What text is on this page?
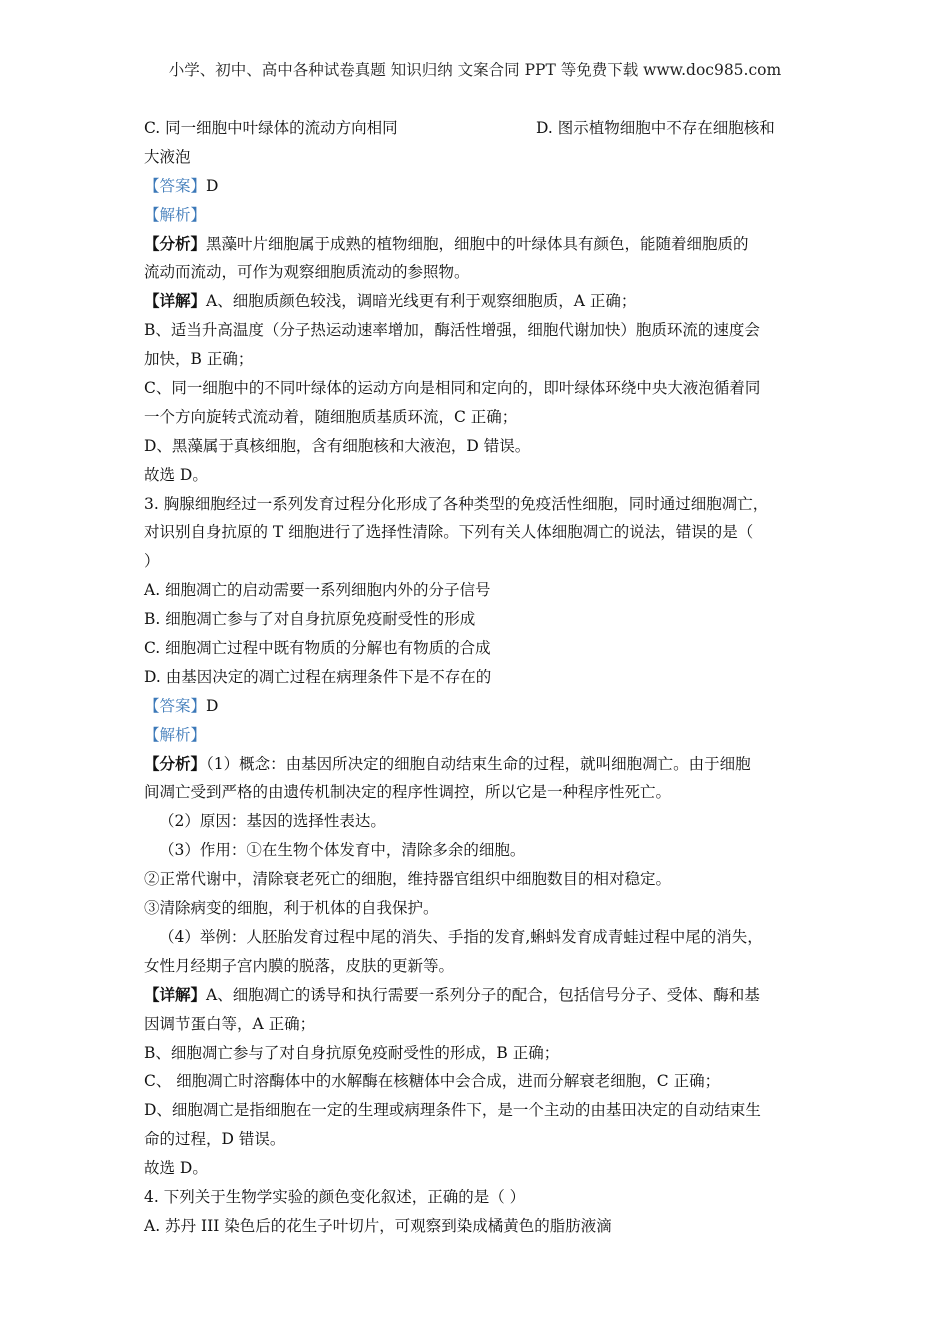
小学、初中、高中各种试卷真题 知识归纳 文案合同 PPT 等免费下载 www.doc985.com
C. 同一细胞中叶绿体的流动方向相同	D. 图示植物细胞中不存在细胞核和
大液泡
【答案】D
【解析】
【分析】黑藻叶片细胞属于成熟的植物细胞，细胞中的叶绿体具有颜色，能随着细胞质的
流动而流动，可作为观察细胞质流动的参照物。
【详解】A、细胞质颜色较浅，调暗光线更有利于观察细胞质，A 正确；
B、适当升高温度（分子热运动速率增加，酶活性增强，细胞代谢加快）胞质环流的速度会
加快，B 正确；
C、同一细胞中的不同叶绿体的运动方向是相同和定向的，即叶绿体环绕中央大液泡循着同
一个方向旋转式流动着，随细胞质基质环流，C 正确；
D、黑藻属于真核细胞，含有细胞核和大液泡，D 错误。
故选 D。
3. 胸腺细胞经过一系列发育过程分化形成了各种类型的免疫活性细胞，同时通过细胞凋亡，
对识别自身抗原的 T 细胞进行了选择性清除。下列有关人体细胞凋亡的说法，错误的是（
）
A. 细胞凋亡的启动需要一系列细胞内外的分子信号
B. 细胞凋亡参与了对自身抗原免疫耐受性的形成
C. 细胞凋亡过程中既有物质的分解也有物质的合成
D. 由基因决定的凋亡过程在病理条件下是不存在的
【答案】D
【解析】
【分析】（1）概念：由基因所决定的细胞自动结束生命的过程，就叫细胞凋亡。由于细胞
间凋亡受到严格的由遗传机制决定的程序性调控，所以它是一种程序性死亡。
（2）原因：基因的选择性表达。
（3）作用：①在生物个体发育中，清除多余的细胞。
②正常代谢中，清除衰老死亡的细胞，维持器官组织中细胞数目的相对稳定。
③清除病变的细胞，利于机体的自我保护。
（4）举例：人胚胎发育过程中尾的消失、手指的发育,蝌蚪发育成青蛙过程中尾的消失，
女性月经期子宫内膜的脱落，皮肤的更新等。
【详解】A、细胞凋亡的诱导和执行需要一系列分子的配合，包括信号分子、受体、酶和基
因调节蛋白等，A 正确；
B、细胞凋亡参与了对自身抗原免疫耐受性的形成，B 正确；
C、 细胞凋亡时溶酶体中的水解酶在核糖体中会合成，进而分解衰老细胞，C 正确；
D、细胞凋亡是指细胞在一定的生理或病理条件下，是一个主动的由基田决定的自动结束生
命的过程，D 错误。
故选 D。
4. 下列关于生物学实验的颜色变化叙述，正确的是（ ）
A. 苏丹 III 染色后的花生子叶切片，可观察到染成橘黄色的脂肪液滴
